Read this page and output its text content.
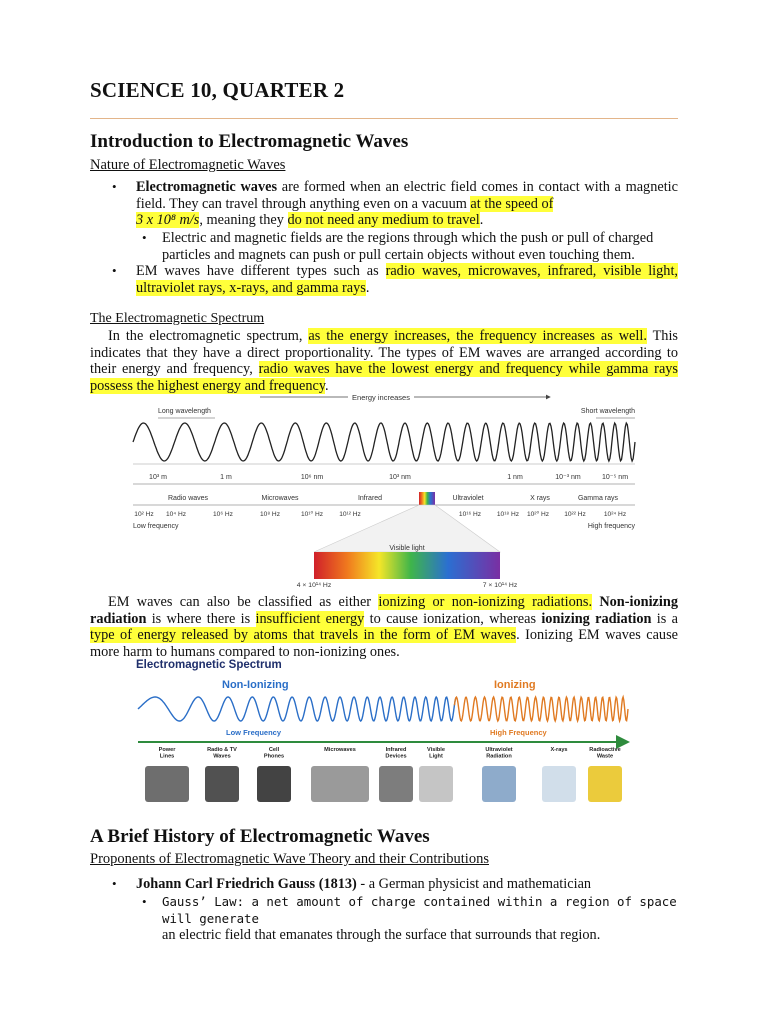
SCIENCE 10, QUARTER 2
Introduction to Electromagnetic Waves
Nature of Electromagnetic Waves
• Electromagnetic waves are formed when an electric field comes in contact with a magnetic field. They can travel through anything even on a vacuum at the speed of
3 x 10⁸ m/s, meaning they do not need any medium to travel.
• Electric and magnetic fields are the regions through which the push or pull of charged particles and magnets can push or pull certain objects without even touching them.
• EM waves have different types such as radio waves, microwaves, infrared, visible light, ultraviolet rays, x-rays, and gamma rays.
The Electromagnetic Spectrum
In the electromagnetic spectrum, as the energy increases, the frequency increases as well. This indicates that they have a direct proportionality. The types of EM waves are arranged according to their energy and frequency, radio waves have the lowest energy and frequency while gamma rays possess the highest energy and frequency.
Energy increases
Long wavelength	Short wavelength
10³ m	1 m	10⁶ nm	10³ nm	1 nm	10⁻³ nm	10⁻⁵ nm
Radio waves	Microwaves	Infrared	Ultraviolet	X rays	Gamma rays
10² Hz 10⁴ Hz	10⁶ Hz	10⁸ Hz	10¹⁰ Hz 10¹² Hz	10¹⁶ Hz 10¹⁸ Hz 10²⁰ Hz 10²² Hz	10²⁴ Hz
Low frequency	High frequency
Visible light
4 × 10¹⁴ Hz	7 × 10¹⁴ Hz
EM waves can also be classified as either ionizing or non-ionizing radiations. Non-ionizing radiation is where there is insufficient energy to cause ionization, whereas ionizing radiation is a type of energy released by atoms that travels in the form of EM waves. Ionizing EM waves cause more harm to humans compared to non-ionizing ones.
Electromagnetic Spectrum
Non-Ionizing	Ionizing
Low Frequency	High Frequency
Power Lines
Radio & TV Waves
Cell Phones
Microwaves	Infrared Devices
Visible Light
Ultraviolet Radiation
X-rays	Radioactive Waste
A Brief History of Electromagnetic Waves
Proponents of Electromagnetic Wave Theory and their Contributions
• Johann Carl Friedrich Gauss (1813) - a German physicist and mathematician
• Gauss’ Law: a net amount of charge contained within a region of space will generate
an electric field that emanates through the surface that surrounds that region.
